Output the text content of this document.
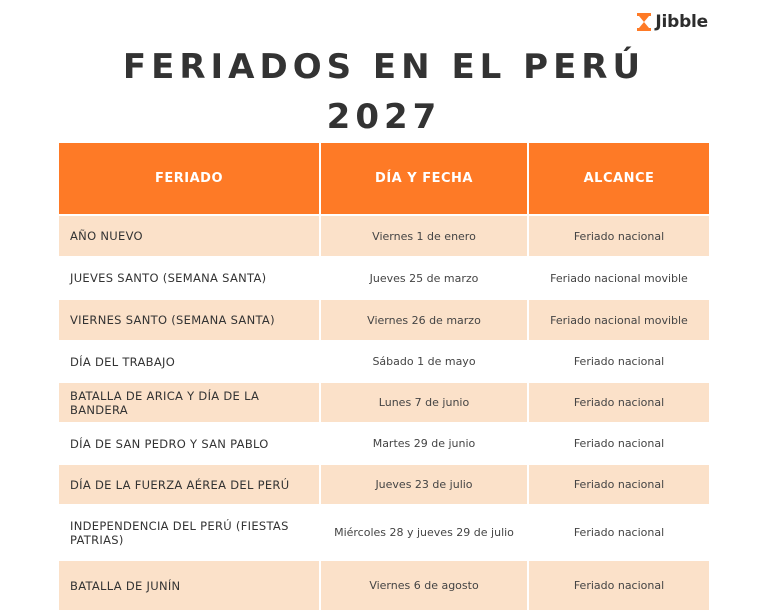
Jibble
FERIADOS EN EL PERÚ
2027
FERIADO	DÍA Y FECHA	ALCANCE
AÑO NUEVO	Viernes 1 de enero	Feriado nacional
JUEVES SANTO (SEMANA SANTA)	Jueves 25 de marzo	Feriado nacional movible
VIERNES SANTO (SEMANA SANTA)	Viernes 26 de marzo	Feriado nacional movible
DÍA DEL TRABAJO	Sábado 1 de mayo	Feriado nacional
BATALLA DE ARICA Y DÍA DE LA BANDERA	Lunes 7 de junio	Feriado nacional
DÍA DE SAN PEDRO Y SAN PABLO	Martes 29 de junio	Feriado nacional
DÍA DE LA FUERZA AÉREA DEL PERÚ	Jueves 23 de julio	Feriado nacional
INDEPENDENCIA DEL PERÚ (FIESTAS PATRIAS)	Miércoles 28 y jueves 29 de julio	Feriado nacional
BATALLA DE JUNÍN	Viernes 6 de agosto	Feriado nacional
